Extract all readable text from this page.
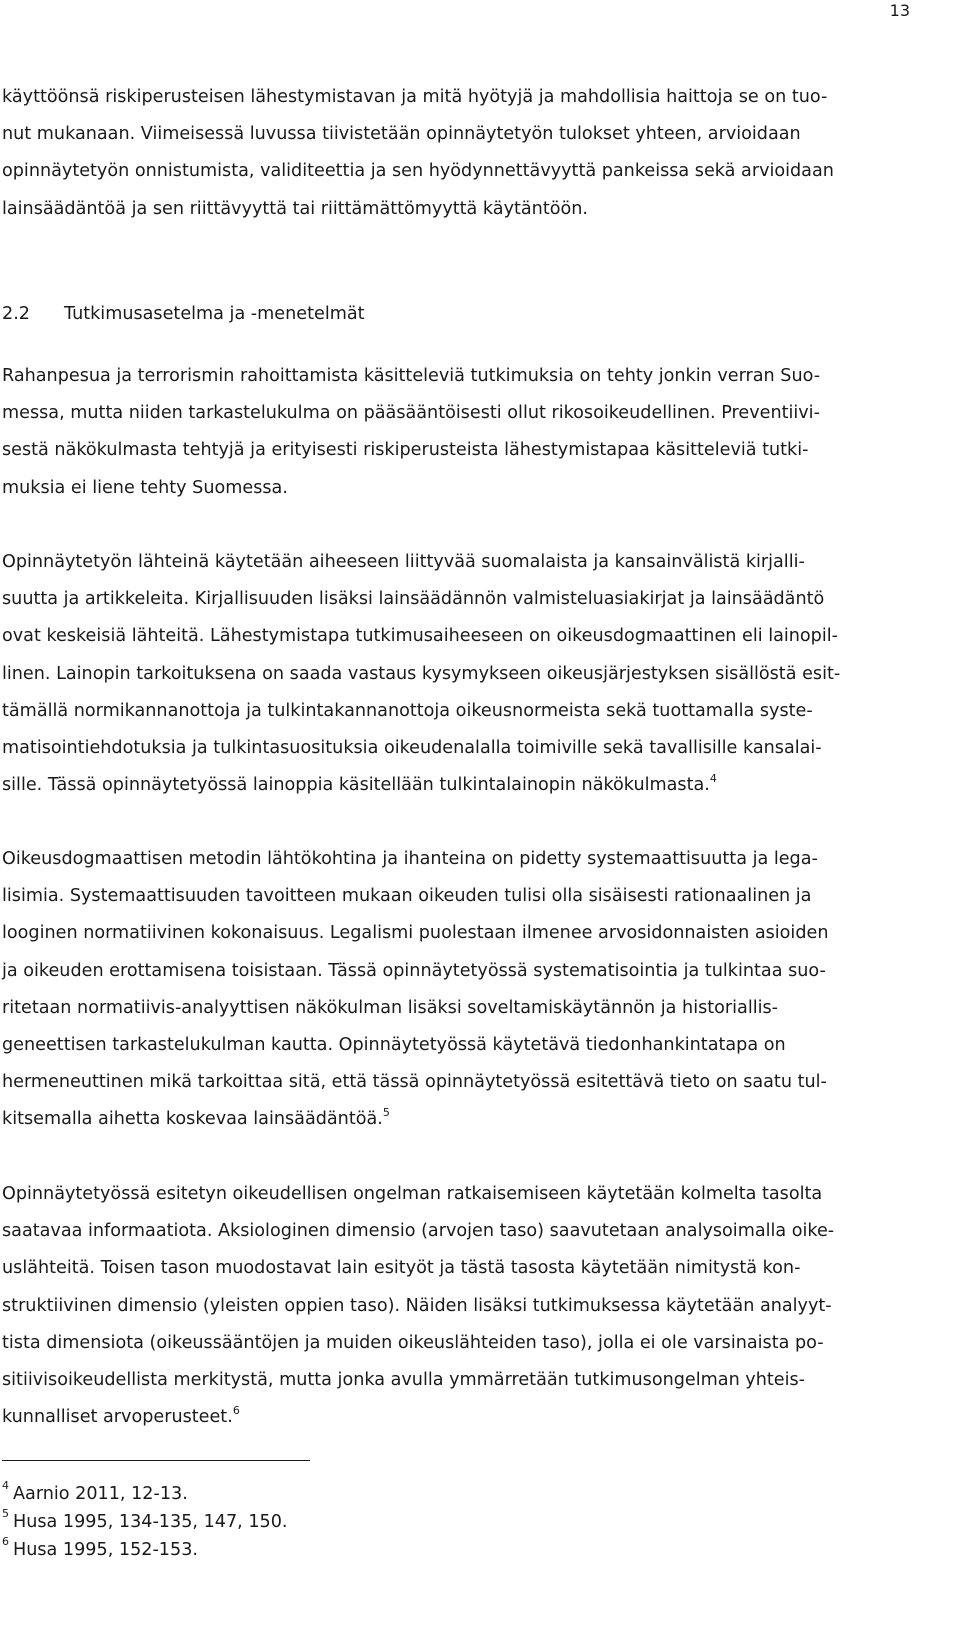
13

käyttöönsä riskiperusteisen lähestymistavan ja mitä hyötyjä ja mahdollisia haittoja se on tuo-
nut mukanaan. Viimeisessä luvussa tiivistetään opinnäytetyön tulokset yhteen, arvioidaan
opinnäytetyön onnistumista, validiteettia ja sen hyödynnettävyyttä pankeissa sekä arvioidaan
lainsäädäntöä ja sen riittävyyttä tai riittämättömyyttä käytäntöön.

2.2 Tutkimusasetelma ja -menetelmät

Rahanpesua ja terrorismin rahoittamista käsitteleviä tutkimuksia on tehty jonkin verran Suo-
messa, mutta niiden tarkastelukulma on pääsääntöisesti ollut rikosoikeudellinen. Preventiivi-
sestä näkökulmasta tehtyjä ja erityisesti riskiperusteista lähestymistapaa käsitteleviä tutki-
muksia ei liene tehty Suomessa.

Opinnäytetyön lähteinä käytetään aiheeseen liittyvää suomalaista ja kansainvälistä kirjalli-
suutta ja artikkeleita. Kirjallisuuden lisäksi lainsäädännön valmisteluasiakirjat ja lainsäädäntö
ovat keskeisiä lähteitä. Lähestymistapa tutkimusaiheeseen on oikeusdogmaattinen eli lainopil-
linen. Lainopin tarkoituksena on saada vastaus kysymykseen oikeusjärjestyksen sisällöstä esit-
tämällä normikannanottoja ja tulkintakannanottoja oikeusnormeista sekä tuottamalla syste-
matisointiehdotuksia ja tulkintasuosituksia oikeudenalalla toimiville sekä tavallisille kansalai-
sille. Tässä opinnäytetyössä lainoppia käsitellään tulkintalainopin näkökulmasta.$^4$

Oikeusdogmaattisen metodin lähtökohtina ja ihanteina on pidetty systemaattisuutta ja lega-
lisimia. Systemaattisuuden tavoitteen mukaan oikeuden tulisi olla sisäisesti rationaalinen ja
looginen normatiivinen kokonaisuus. Legalismi puolestaan ilmenee arvosidonnaisten asioiden
ja oikeuden erottamisena toisistaan. Tässä opinnäytetyössä systematisointia ja tulkintaa suo-
ritetaan normatiivis-analyyttisen näkökulman lisäksi soveltamiskäytännön ja historiallis-
geneettisen tarkastelukulman kautta. Opinnäytetyössä käytetävä tiedonhankintatapa on
hermeneuttinen mikä tarkoittaa sitä, että tässä opinnäytetyössä esitettävä tieto on saatu tul-
kitsemalla aihetta koskevaa lainsäädäntöä.$^5$

Opinnäytetyössä esitetyn oikeudellisen ongelman ratkaisemiseen käytetään kolmelta tasolta
saatavaa informaatiota. Aksiologinen dimensio (arvojen taso) saavutetaan analysoimalla oike-
uslähteitä. Toisen tason muodostavat lain esityöt ja tästä tasosta käytetään nimitystä kon-
struktiivinen dimensio (yleisten oppien taso). Näiden lisäksi tutkimuksessa käytetään analyyt-
tista dimensiota (oikeussääntöjen ja muiden oikeuslähteiden taso), jolla ei ole varsinaista po-
sitiivisoikeudellista merkitystä, mutta jonka avulla ymmärretään tutkimusongelman yhteis-
kunnalliset arvoperusteet.$^6$

$^4$ Aarnio 2011, 12-13.
$^5$ Husa 1995, 134-135, 147, 150.
$^6$ Husa 1995, 152-153.
